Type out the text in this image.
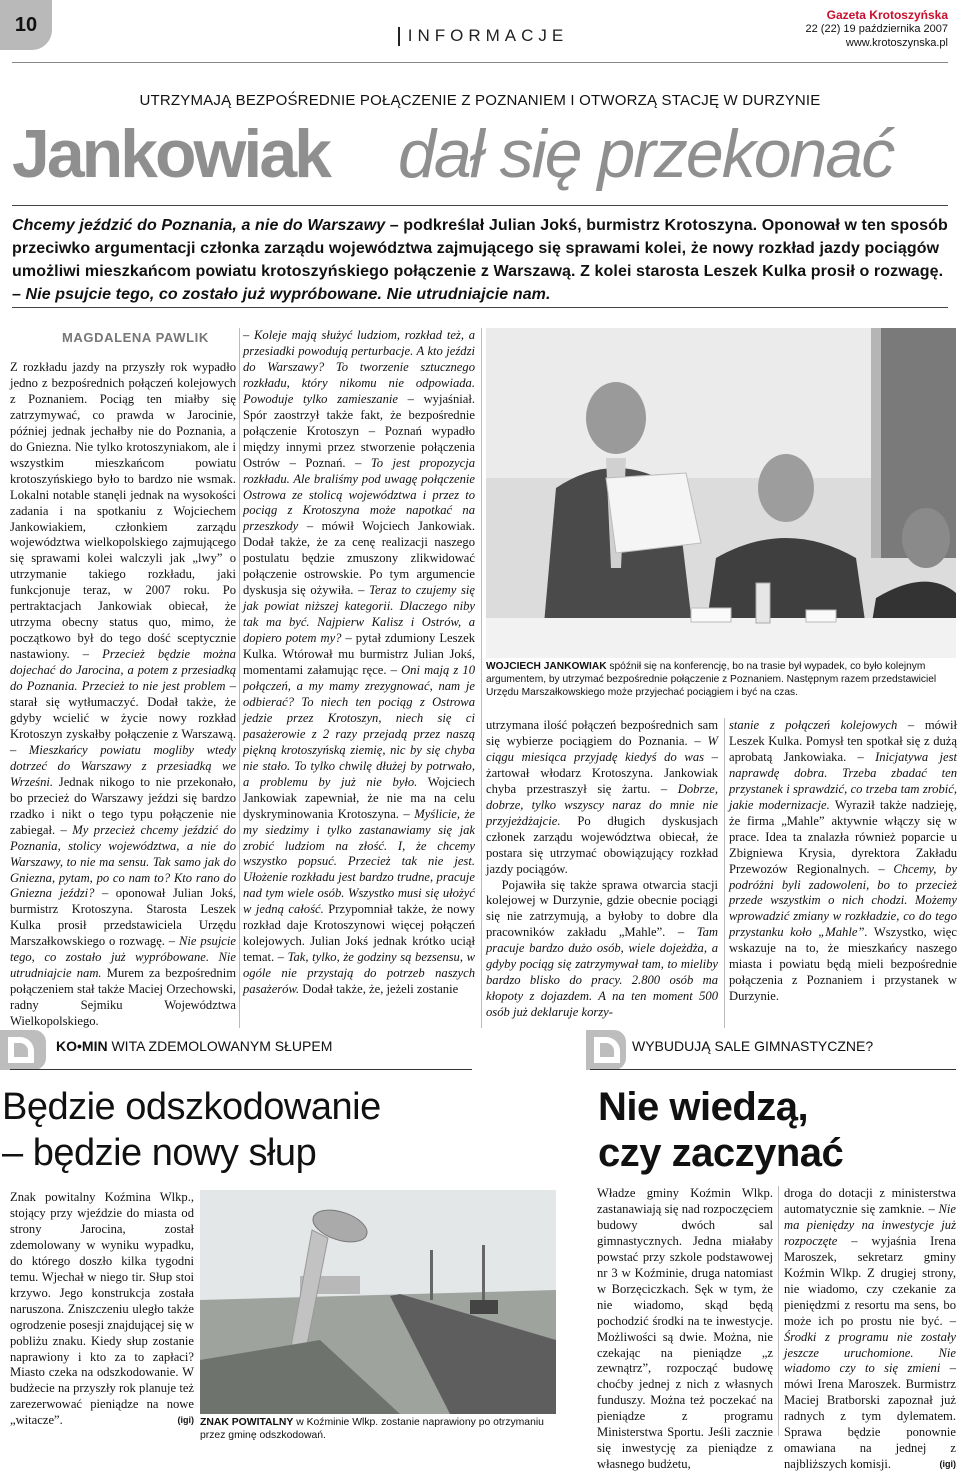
10	INFORMACJE
Gazeta Krotoszyńska
22 (22) 19 października 2007
www.krotoszynska.pl
UTRZYMAJĄ BEZPOŚREDNIE POŁĄCZENIE Z POZNANIEM I OTWORZĄ STACJĘ W DURZYNIE
Jankowiak dał się przekonać
Chcemy jeździć do Poznania, a nie do Warszawy – podkreślał Julian Jokś, burmistrz Krotoszyna. Oponował w ten sposób przeciwko argumentacji członka zarządu województwa zajmującego się sprawami kolei, że nowy rozkład jazdy pociągów umożliwi mieszkańcom powiatu krotoszyńskiego połączenie z Warszawą. Z kolei starosta Leszek Kulka prosił o rozwagę. – Nie psujcie tego, co zostało już wypróbowane. Nie utrudniajcie nam.
MAGDALENA PAWLIK
Z rozkładu jazdy na przyszły rok wypadło jedno z bezpośrednich połączeń kolejowych z Poznaniem. Pociąg ten miałby się zatrzymywać, co prawda w Jarocinie, później jednak jechałby nie do Poznania, a do Gniezna. Nie tylko krotoszyniakom, ale i wszystkim mieszkańcom powiatu krotoszyńskiego było to bardzo nie wsmak. Lokalni notable stanęli jednak na wysokości zadania i na spotkaniu z Wojciechem Jankowiakiem, członkiem zarządu województwa wielkopolskiego zajmującego się sprawami kolei walczyli jak „lwy” o utrzymanie takiego rozkładu, jaki funkcjonuje teraz, w 2007 roku. Po pertraktacjach Jankowiak obiecał, że utrzyma obecny status quo, mimo, że początkowo był do tego dość sceptycznie nastawiony. – Przecież będzie można dojechać do Jarocina, a potem z przesiadką do Poznania. Przecież to nie jest problem – starał się wytłumaczyć. Dodał także, że gdyby wcielić w życie nowy rozkład Krotoszyn zyskałby połączenie z Warszawą. – Mieszkańcy powiatu mogliby wtedy dotrzeć do Warszawy z przesiadką we Wrześni. Jednak nikogo to nie przekonało, bo przecież do Warszawy jeździ się bardzo rzadko i nikt o tego typu połączenie nie zabiegał. – My przecież chcemy jeździć do Poznania, stolicy województwa, a nie do Warszawy, to nie ma sensu. Tak samo jak do Gniezna, pytam, po co nam to? Kto rano do Gniezna jeździ? – oponował Julian Jokś, burmistrz Krotoszyna. Starosta Leszek Kulka prosił przedstawiciela Urzędu Marszałkowskiego o rozwagę. – Nie psujcie tego, co zostało już wypróbowane. Nie utrudniajcie nam. Murem za bezpośrednim połączeniem stał także Maciej Orzechowski, radny Sejmiku Województwa Wielkopolskiego.
– Koleje mają służyć ludziom, rozkład też, a przesiadki powodują perturbacje. A kto jeździ do Warszawy? To tworzenie sztucznego rozkładu, który nikomu nie odpowiada. Powoduje tylko zamieszanie – wyjaśniał. Spór zaostrzył także fakt, że bezpośrednie połączenie Krotoszyn – Poznań wypadło między innymi przez stworzenie połączenia Ostrów – Poznań. – To jest propozycja rozkładu. Ale braliśmy pod uwagę połączenie Ostrowa ze stolicą województwa i przez to pociąg z Krotoszyna może napotkać na przeszkody – mówił Wojciech Jankowiak. Dodał także, że za cenę realizacji naszego postulatu będzie zmuszony zlikwidować połączenie ostrowskie. Po tym argumencie dyskusja się ożywiła. – Teraz to czujemy się jak powiat niższej kategorii. Dlaczego niby tak ma być. Najpierw Kalisz i Ostrów, a dopiero potem my? – pytał zdumiony Leszek Kulka. Wtórował mu burmistrz Julian Jokś, momentami załamując ręce. – Oni mają z 10 połączeń, a my mamy zrezygnować, nam je odbierać? To niech ten pociąg z Ostrowa jedzie przez Krotoszyn, niech się ci pasażerowie z 2 razy przejadą przez naszą piękną krotoszyńską ziemię, nic by się chyba nie stało. To tylko chwilę dłużej by potrwało, a problemu by już nie było. Wojciech Jankowiak zapewniał, że nie ma na celu dyskryminowania Krotoszyna. – Myślicie, że my siedzimy i tylko zastanawiamy się jak zrobić ludziom na złość. I, że chcemy wszystko popsuć. Przecież tak nie jest. Ułożenie rozkładu jest bardzo trudne, pracuje nad tym wiele osób. Wszystko musi się ułożyć w jedną całość. Przypomniał także, że nowy rozkład daje Krotoszynowi więcej połączeń kolejowych. Julian Jokś jednak krótko uciął temat. – Tak, tylko, że godziny są bezsensu, w ogóle nie przystają do potrzeb naszych pasażerów. Dodał także, że, jeżeli zostanie
WOJCIECH JANKOWIAK spóźnił się na konferencję, bo na trasie był wypadek, co było kolejnym argumentem, by utrzymać bezpośrednie połączenie z Poznaniem. Następnym razem przedstawiciel Urzędu Marszałkowskiego może przyjechać pociągiem i być na czas.
utrzymana ilość połączeń bezpośrednich sam się wybierze pociągiem do Poznania. – W ciągu miesiąca przyjadę kiedyś do was – żartował włodarz Krotoszyna. Jankowiak chyba przestraszył się żartu. – Dobrze, dobrze, tylko wszyscy naraz do mnie nie przyjeżdżajcie. Po długich dyskusjach członek zarządu województwa obiecał, że postara się utrzymać obowiązujący rozkład jazdy pociągów.
Pojawiła się także sprawa otwarcia stacji kolejowej w Durzynie, gdzie obecnie pociągi się nie zatrzymują, a byłoby to dobre dla pracowników zakładu „Mahle”. – Tam pracuje bardzo dużo osób, wiele dojeżdża, a gdyby pociąg się zatrzymywał tam, to mieliby bardzo blisko do pracy. 2.800 osób ma kłopoty z dojazdem. A na ten moment 500 osób już deklaruje korzy-
stanie z połączeń kolejowych – mówił Leszek Kulka. Pomysł ten spotkał się z dużą aprobatą Jankowiaka. – Inicjatywa jest naprawdę dobra. Trzeba zbadać ten przystanek i sprawdzić, co trzeba tam zrobić, jakie modernizacje. Wyraził także nadzieję, że firma „Mahle” aktywnie włączy się w prace. Idea ta znalazła również poparcie u Zbigniewa Krysia, dyrektora Zakładu Przewozów Regionalnych. – Chcemy, by podróżni byli zadowoleni, bo to przecież przede wszystkim o nich chodzi. Możemy wprowadzić zmiany w rozkładzie, co do tego przystanku koło „Mahle”. Wszystko, więc wskazuje na to, że mieszkańcy naszego miasta i powiatu będą mieli bezpośrednie połączenia z Poznaniem i przystanek w Durzynie.
KO•MIN WITA ZDEMOLOWANYM SŁUPEM
Będzie odszkodowanie
– będzie nowy słup
Znak powitalny Koźmina Wlkp., stojący przy wjeździe do miasta od strony Jarocina, został zdemolowany w wyniku wypadku, do którego doszło kilka tygodni temu. Wjechał w niego tir. Słup stoi krzywo. Jego konstrukcja została naruszona. Zniszczeniu uległo także ogrodzenie posesji znajdującej się w pobliżu znaku. Kiedy słup zostanie naprawiony i kto za to zapłaci? Miasto czeka na odszkodowanie. W budżecie na przyszły rok planuje też zarezerwować pieniądze na nowe „witacze”.	(igi) ZNAK POWITALNY w Koźminie Wlkp. zostanie naprawiony po otrzymaniu przez gminę odszkodowań.
WYBUDUJĄ SALE GIMNASTYCZNE?
Nie wiedzą,
czy zaczynać
Władze gminy Koźmin Wlkp. zastanawiają się nad rozpoczęciem budowy dwóch sal gimnastycznych. Jedna miałaby powstać przy szkole podstawowej nr 3 w Koźminie, druga natomiast w Borzęciczkach. Sęk w tym, że nie wiadomo, skąd będą pochodzić środki na te inwestycje. Możliwości są dwie. Można, nie czekając na pieniądze „z zewnątrz”, rozpocząć budowę choćby jednej z nich z własnych funduszy. Można też poczekać na pieniądze z programu Ministerstwa Sportu. Jeśli zacznie się inwestycję za pieniądze z własnego budżetu,
droga do dotacji z ministerstwa automatycznie się zamknie. – Nie ma pieniędzy na inwestycje już rozpoczęte – wyjaśnia Irena Maroszek, sekretarz gminy Koźmin Wlkp. Z drugiej strony, nie wiadomo, czy czekanie za pieniędzmi z resortu ma sens, bo może ich po prostu nie być. – Środki z programu nie zostały jeszcze uruchomione. Nie wiadomo czy to się zmieni – mówi Irena Maroszek. Burmistrz Maciej Bratborski zapoznał już radnych z tym dylematem. Sprawa będzie ponownie omawiana na jednej z najbliższych komisji.	(igi)
